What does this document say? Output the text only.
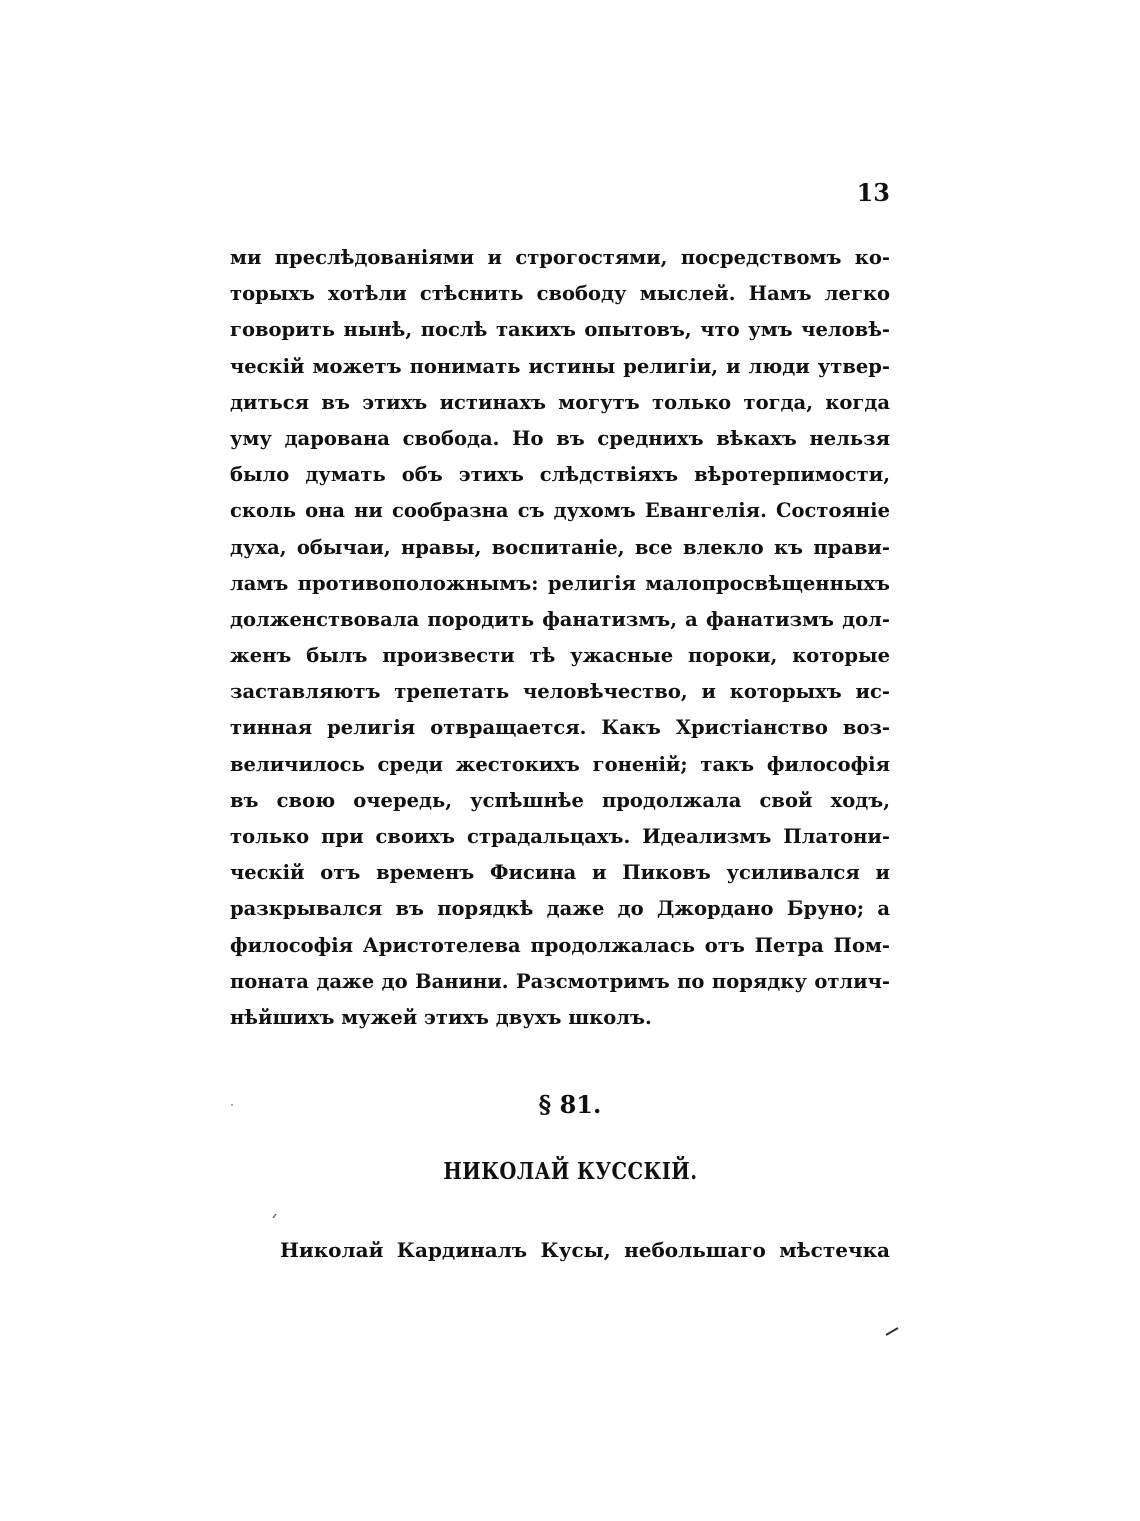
13
ми преслѣдованіями и строгостями, посредствомъ ко-
торыхъ хотѣли стѣснить свободу мыслей. Намъ легко
говорить нынѣ, послѣ такихъ опытовъ, что умъ человѣ-
ческій можетъ понимать истины религіи, и люди утвер-
диться въ этихъ истинахъ могутъ только тогда, когда
уму дарована свобода. Но въ среднихъ вѣкахъ нельзя
было думать объ этихъ слѣдствіяхъ вѣротерпимости,
сколь она ни сообразна съ духомъ Евангелія. Состояніе
духа, обычаи, нравы, воспитаніе, все влекло къ прави-
ламъ противоположнымъ: религія малопросвѣщенныхъ
долженствовала породить фанатизмъ, а фанатизмъ дол-
женъ былъ произвести тѣ ужасные пороки, которые
заставляютъ трепетать человѣчество, и которыхъ ис-
тинная религія отвращается. Какъ Христіанство воз-
величилось среди жестокихъ гоненій; такъ философія
въ свою очередь, успѣшнѣе продолжала свой ходъ,
только при своихъ страдальцахъ. Идеализмъ Платони-
ческій отъ временъ Фисина и Пиковъ усиливался и
разкрывался въ порядкѣ даже до Джордано Бруно; а
философія Аристотелева продолжалась отъ Петра Пом-
поната даже до Ванини. Разсмотримъ по порядку отлич-
нѣйшихъ мужей этихъ двухъ школъ.
§ 81.
НИКОЛАЙ КУССКІЙ.
Николай Кардиналъ Кусы, небольшаго мѣстечка
